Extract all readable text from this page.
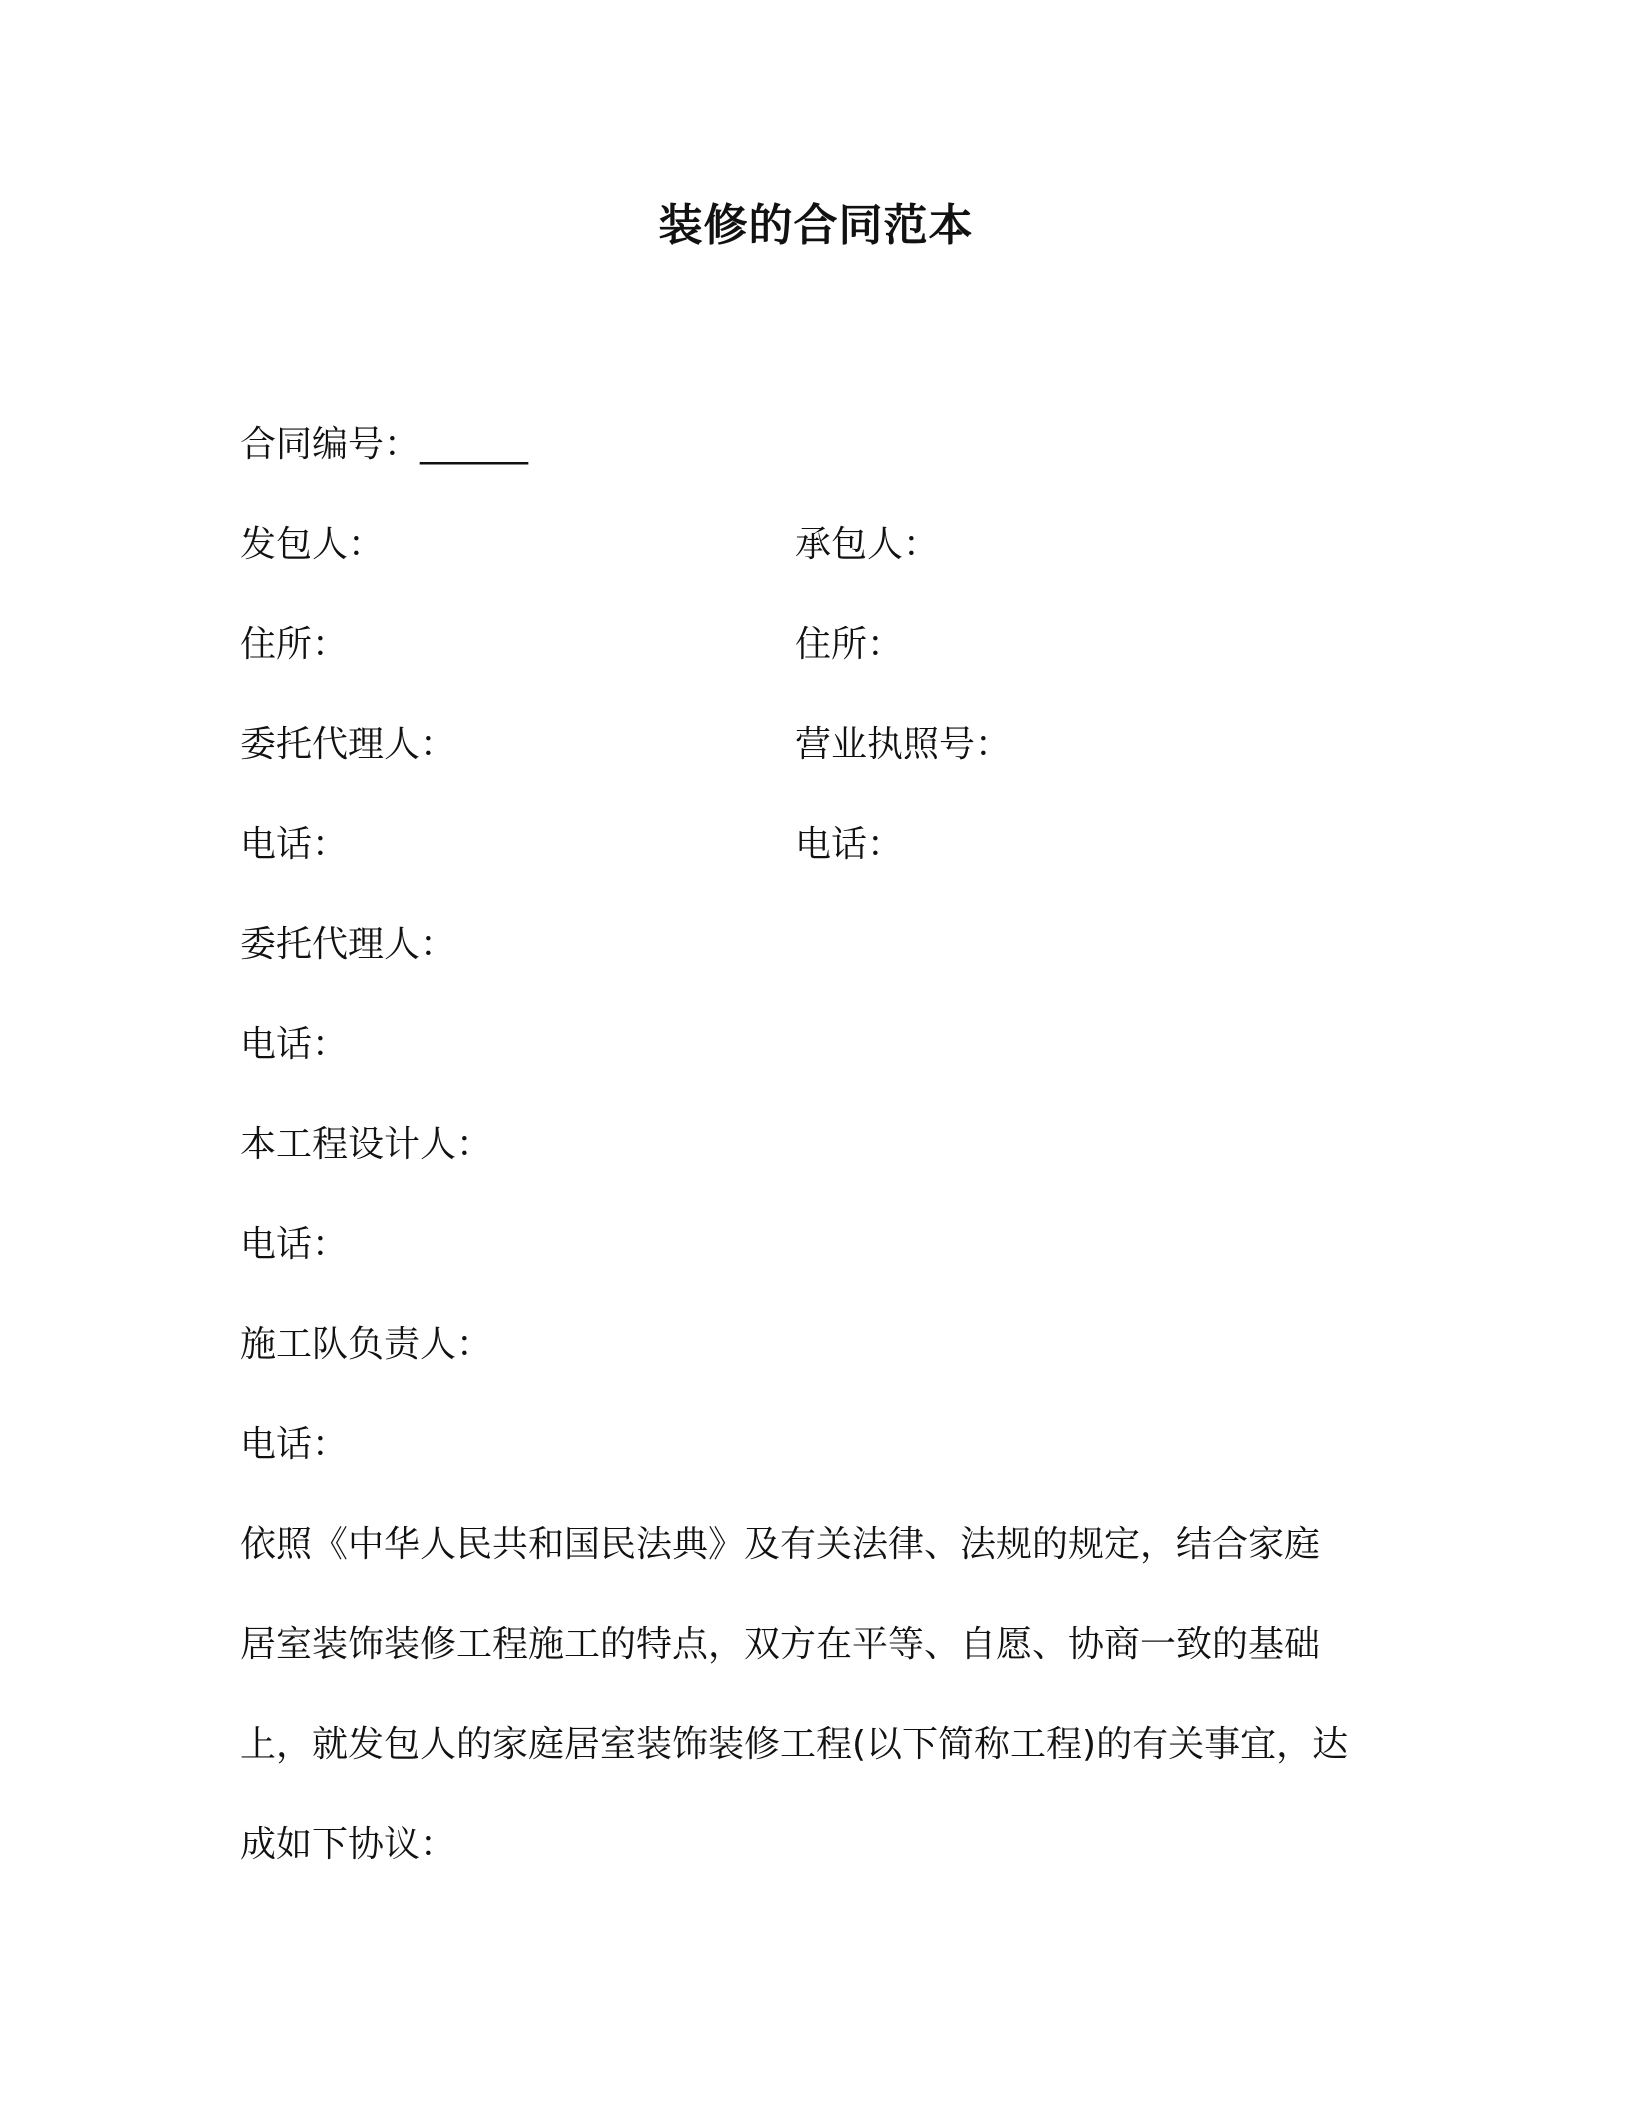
装修的合同范本
合同编号：______
发包人：	承包人：
住所：	住所：
委托代理人：	营业执照号：
电话：	电话：
委托代理人：
电话：
本工程设计人：
电话：
施工队负责人：
电话：
依照《中华人民共和国民法典》及有关法律、法规的规定，结合家庭
居室装饰装修工程施工的特点，双方在平等、自愿、协商一致的基础
上，就发包人的家庭居室装饰装修工程(以下简称工程)的有关事宜，达
成如下协议：
